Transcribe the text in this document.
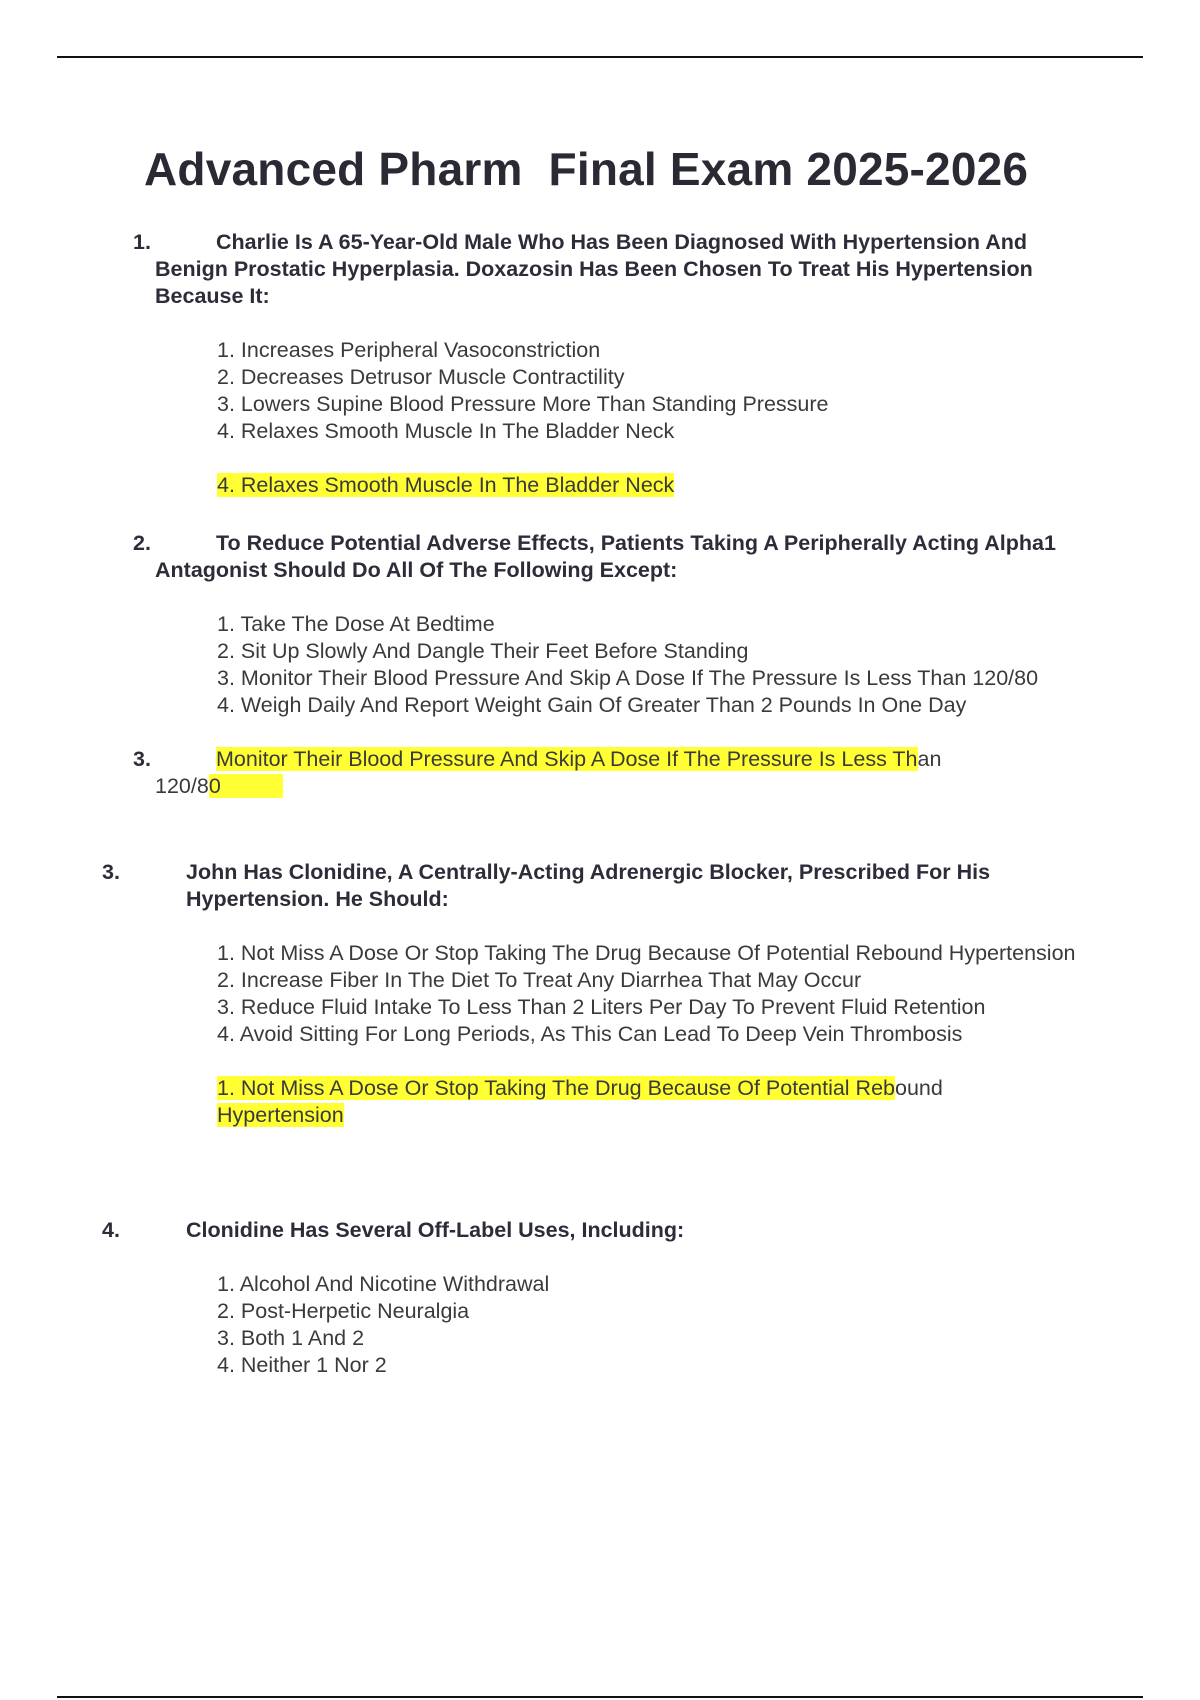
Advanced Pharm  Final Exam 2025-2026

1.	Charlie Is A 65-Year-Old Male Who Has Been Diagnosed With Hypertension And Benign Prostatic Hyperplasia. Doxazosin Has Been Chosen To Treat His Hypertension Because It:

1. Increases Peripheral Vasoconstriction
2. Decreases Detrusor Muscle Contractility
3. Lowers Supine Blood Pressure More Than Standing Pressure
4. Relaxes Smooth Muscle In The Bladder Neck
4. Relaxes Smooth Muscle In The Bladder Neck

2.	To Reduce Potential Adverse Effects, Patients Taking A Peripherally Acting Alpha1 Antagonist Should Do All Of The Following Except:

1. Take The Dose At Bedtime
2. Sit Up Slowly And Dangle Their Feet Before Standing
3. Monitor Their Blood Pressure And Skip A Dose If The Pressure Is Less Than 120/80
4. Weigh Daily And Report Weight Gain Of Greater Than 2 Pounds In One Day
3.	Monitor Their Blood Pressure And Skip A Dose If The Pressure Is Less Than
120/80

3.	John Has Clonidine, A Centrally-Acting Adrenergic Blocker, Prescribed For His Hypertension. He Should:

1. Not Miss A Dose Or Stop Taking The Drug Because Of Potential Rebound Hypertension
2. Increase Fiber In The Diet To Treat Any Diarrhea That May Occur
3. Reduce Fluid Intake To Less Than 2 Liters Per Day To Prevent Fluid Retention
4. Avoid Sitting For Long Periods, As This Can Lead To Deep Vein Thrombosis
1. Not Miss A Dose Or Stop Taking The Drug Because Of Potential Rebound
Hypertension

4.	Clonidine Has Several Off-Label Uses, Including:

1. Alcohol And Nicotine Withdrawal
2. Post-Herpetic Neuralgia
3. Both 1 And 2
4. Neither 1 Nor 2
